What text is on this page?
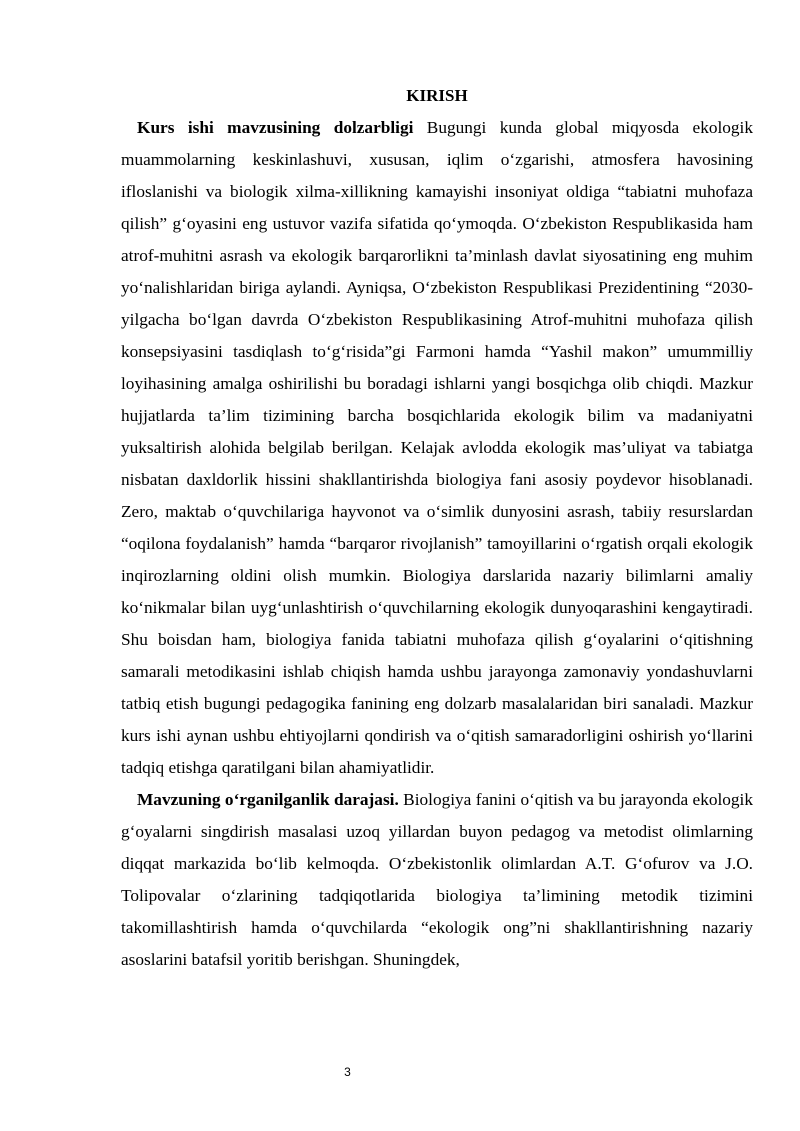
KIRISH

Kurs ishi mavzusining dolzarbligi Bugungi kunda global miqyosda ekologik muammolarning keskinlashuvi, xususan, iqlim o‘zgarishi, atmosfera havosining ifloslanishi va biologik xilma-xillikning kamayishi insoniyat oldiga “tabiatni muhofaza qilish” g‘oyasini eng ustuvor vazifa sifatida qo‘ymoqda. O‘zbekiston Respublikasida ham atrof-muhitni asrash va ekologik barqarorlikni ta’minlash davlat siyosatining eng muhim yo‘nalishlaridan biriga aylandi. Ayniqsa, O‘zbekiston Respublikasi Prezidentining “2030-yilgacha bo‘lgan davrda O‘zbekiston Respublikasining Atrof-muhitni muhofaza qilish konsepsiyasini tasdiqlash to‘g‘risida”gi Farmoni hamda “Yashil makon” umummilliy loyihasining amalga oshirilishi bu boradagi ishlarni yangi bosqichga olib chiqdi. Mazkur hujjatlarda ta’lim tizimining barcha bosqichlarida ekologik bilim va madaniyatni yuksaltirish alohida belgilab berilgan. Kelajak avlodda ekologik mas’uliyat va tabiatga nisbatan daxldorlik hissini shakllantirishda biologiya fani asosiy poydevor hisoblanadi. Zero, maktab o‘quvchilariga hayvonot va o‘simlik dunyosini asrash, tabiiy resurslardan “oqilona foydalanish” hamda “barqaror rivojlanish” tamoyillarini o‘rgatish orqali ekologik inqirozlarning oldini olish mumkin. Biologiya darslarida nazariy bilimlarni amaliy ko‘nikmalar bilan uyg‘unlashtirish o‘quvchilarning ekologik dunyoqarashini kengaytiradi. Shu boisdan ham, biologiya fanida tabiatni muhofaza qilish g‘oyalarini o‘qitishning samarali metodikasini ishlab chiqish hamda ushbu jarayonga zamonaviy yondashuvlarni tatbiq etish bugungi pedagogika fanining eng dolzarb masalalaridan biri sanaladi. Mazkur kurs ishi aynan ushbu ehtiyojlarni qondirish va o‘qitish samaradorligini oshirish yo‘llarini tadqiq etishga qaratilgani bilan ahamiyatlidir.

Mavzuning o‘rganilganlik darajasi. Biologiya fanini o‘qitish va bu jarayonda ekologik g‘oyalarni singdirish masalasi uzoq yillardan buyon pedagog va metodist olimlarning diqqat markazida bo‘lib kelmoqda. O‘zbekistonlik olimlardan A.T. G‘ofurov va J.O. Tolipovalar o‘zlarining tadqiqotlarida biologiya ta’limining metodik tizimini takomillashtirish hamda o‘quvchilarda “ekologik ong”ni shakllantirishning nazariy asoslarini batafsil yoritib berishgan. Shuningdek,

3
